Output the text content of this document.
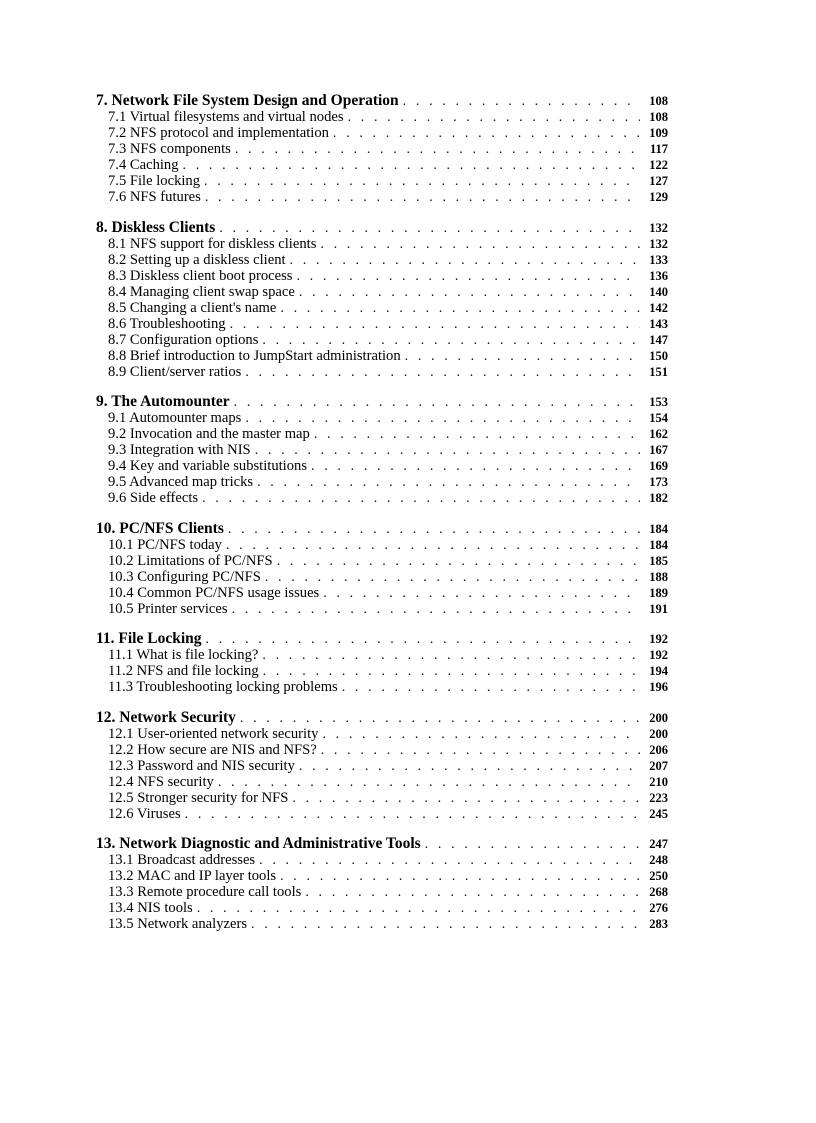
7. Network File System Design and Operation . . .	108
7.1 Virtual filesystems and virtual nodes . . .	108
7.2 NFS protocol and implementation . . .	109
7.3 NFS components . . .	117
7.4 Caching . . .	122
7.5 File locking . . .	127
7.6 NFS futures . . .	129
8. Diskless Clients . . .	132
8.1 NFS support for diskless clients . . .	132
8.2 Setting up a diskless client . . .	133
8.3 Diskless client boot process . . .	136
8.4 Managing client swap space . . .	140
8.5 Changing a client's name . . .	142
8.6 Troubleshooting . . .	143
8.7 Configuration options . . .	147
8.8 Brief introduction to JumpStart administration . . .	150
8.9 Client/server ratios . . .	151
9. The Automounter . . .	153
9.1 Automounter maps . . .	154
9.2 Invocation and the master map . . .	162
9.3 Integration with NIS . . .	167
9.4 Key and variable substitutions . . .	169
9.5 Advanced map tricks . . .	173
9.6 Side effects . . .	182
10. PC/NFS Clients . . .	184
10.1 PC/NFS today . . .	184
10.2 Limitations of PC/NFS . . .	185
10.3 Configuring PC/NFS . . .	188
10.4 Common PC/NFS usage issues . . .	189
10.5 Printer services . . .	191
11. File Locking . . .	192
11.1 What is file locking? . . .	192
11.2 NFS and file locking . . .	194
11.3 Troubleshooting locking problems . . .	196
12. Network Security . . .	200
12.1 User-oriented network security . . .	200
12.2 How secure are NIS and NFS? . . .	206
12.3 Password and NIS security . . .	207
12.4 NFS security . . .	210
12.5 Stronger security for NFS . . .	223
12.6 Viruses . . .	245
13. Network Diagnostic and Administrative Tools . . .	247
13.1 Broadcast addresses . . .	248
13.2 MAC and IP layer tools . . .	250
13.3 Remote procedure call tools . . .	268
13.4 NIS tools . . .	276
13.5 Network analyzers . . .	283
